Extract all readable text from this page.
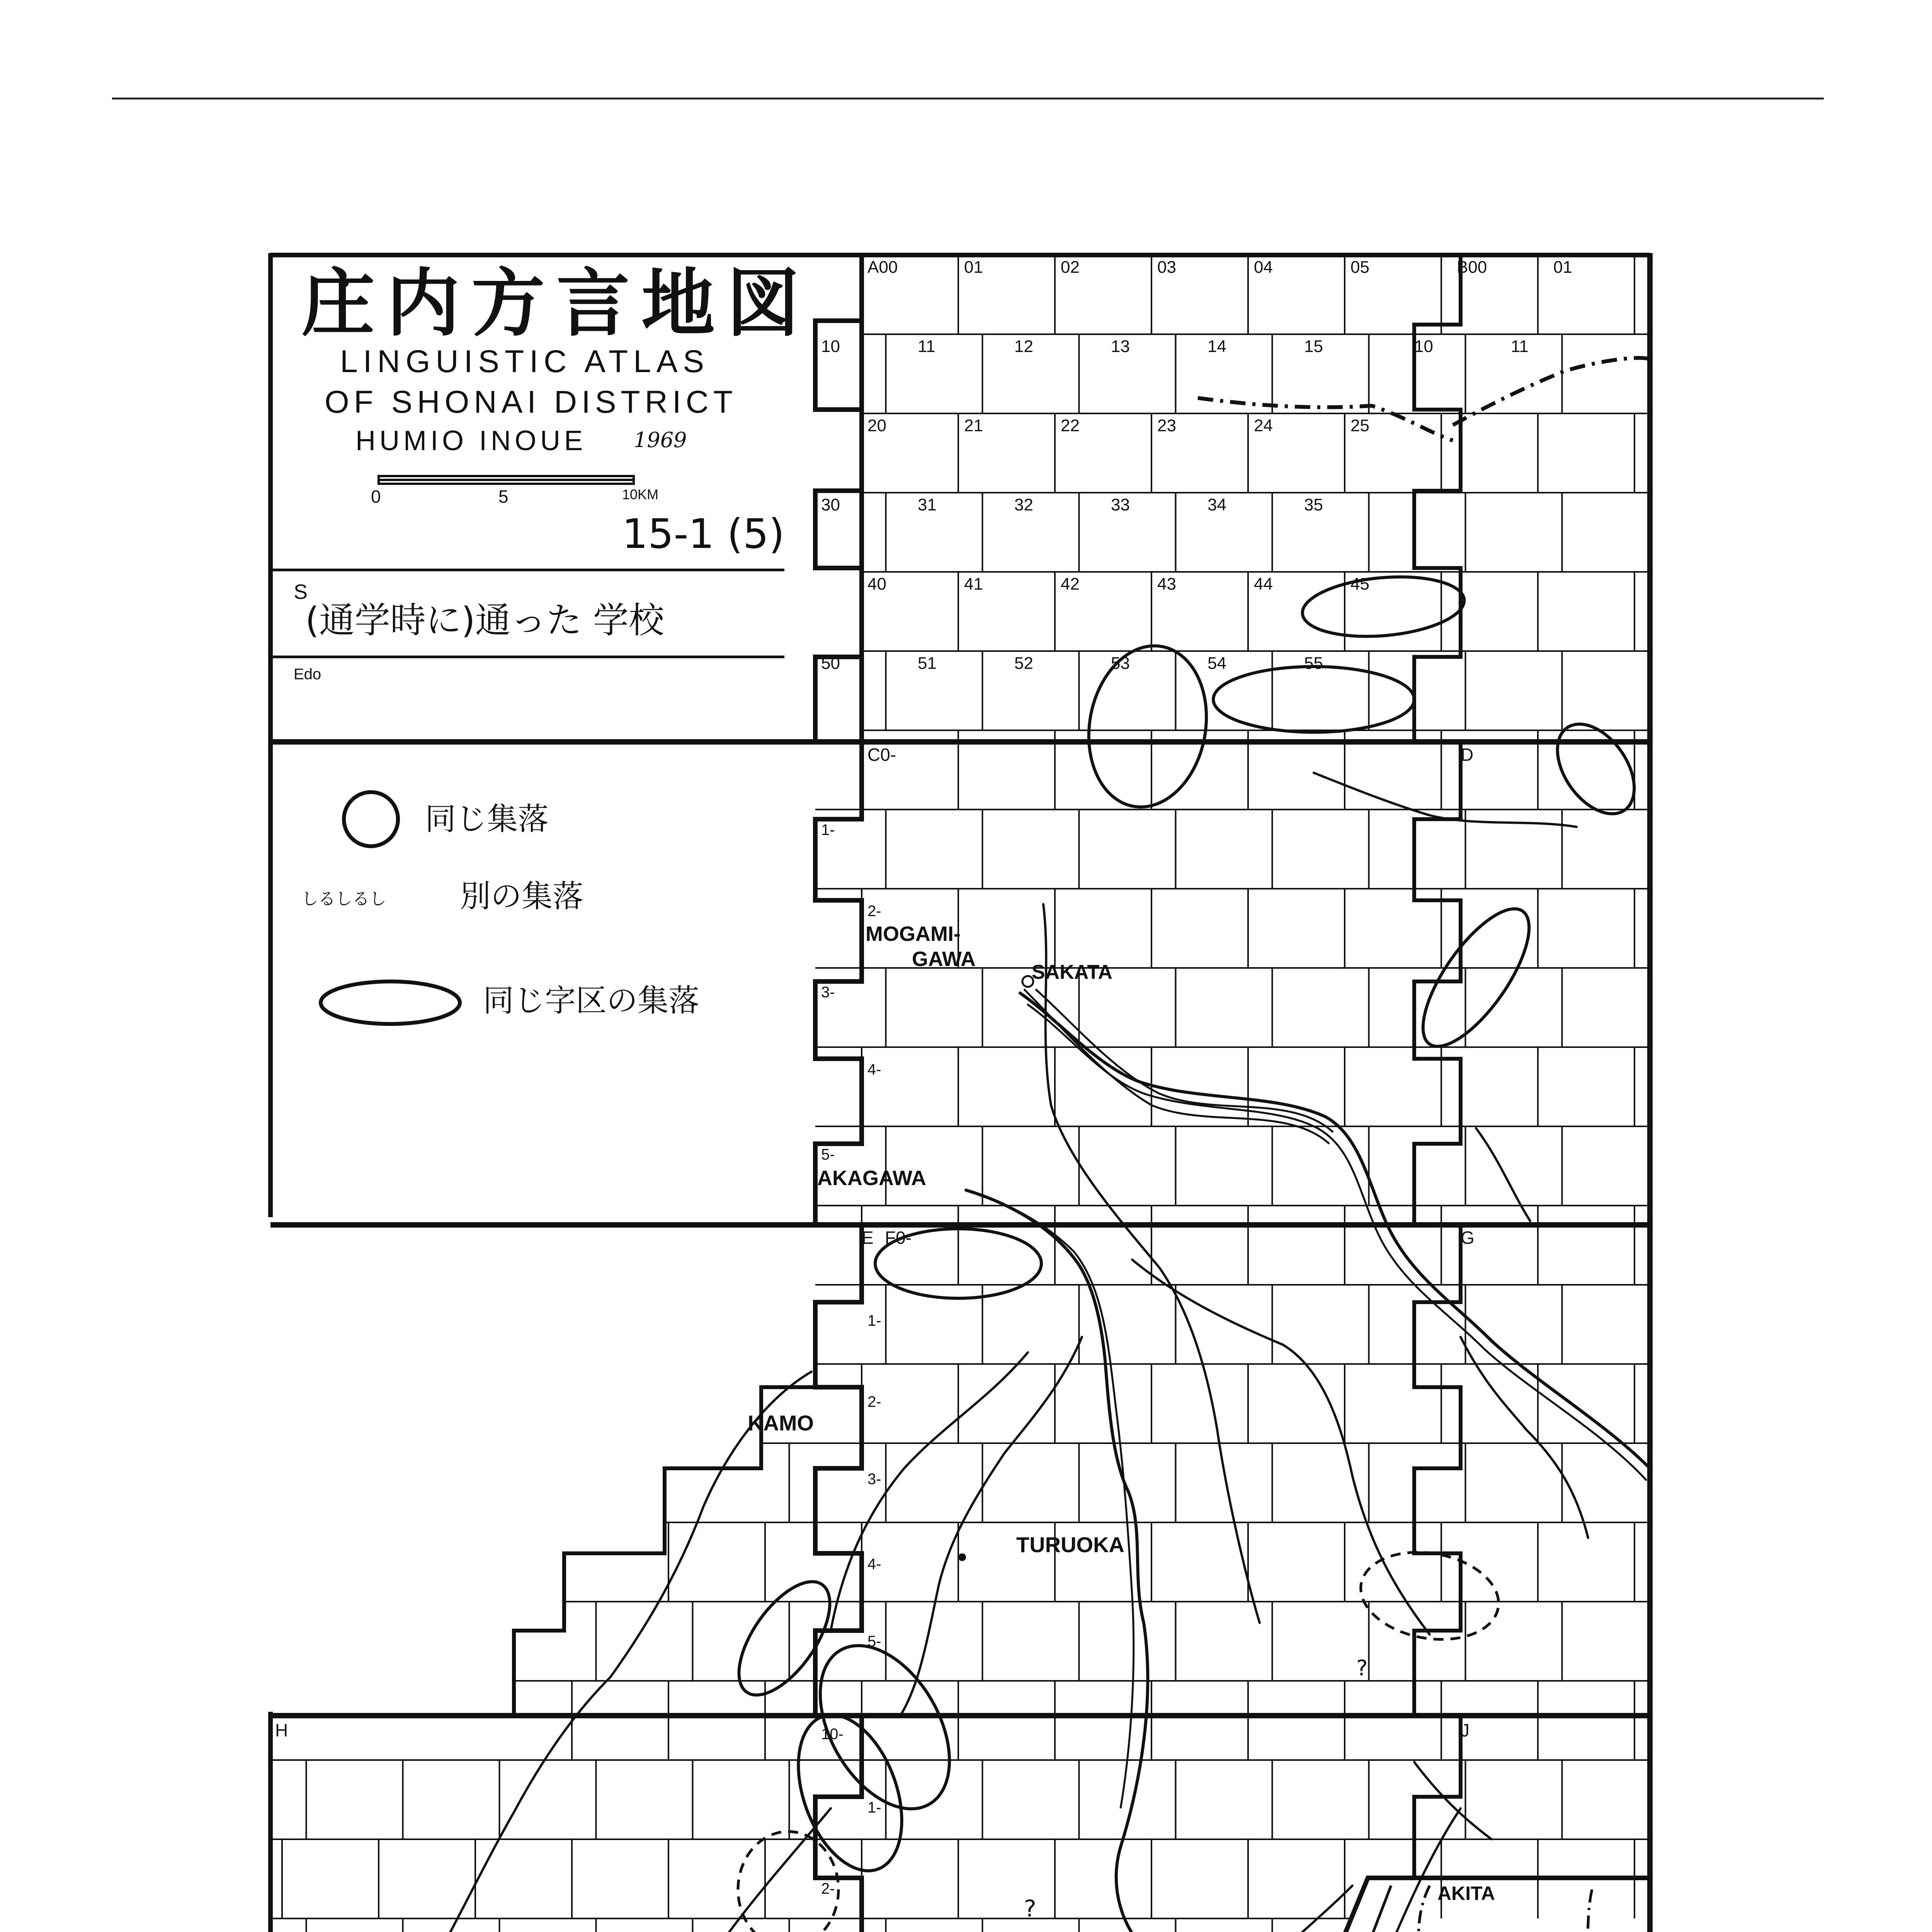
庄内方言地図
LINGUISTIC ATLAS
OF SHONAI DISTRICT
HUMIO INOUE 1969
0	5	10KM
15-1 (5)
S
(通学時に)通った 学校
Edo
同じ集落
しるしるし 別の集落
同じ字区の集落
A00	01	02	03	04	05	B00	01
10	11	12	13	14	15
20	21	22	23	24	25
30	31	32	33	34	35
40	41	42	43	44	45
50	51	52	53	54	55
10	11
C0-	D
E F0-	G
H	J
1-
2-
3-
4-
5-
1-
2-
3-
4-
5-
10-
1-
2-
MOGAMI-
GAWA
SAKATA
AKAGAWA
KAMO
TURUOKA
AKITA
?
?
